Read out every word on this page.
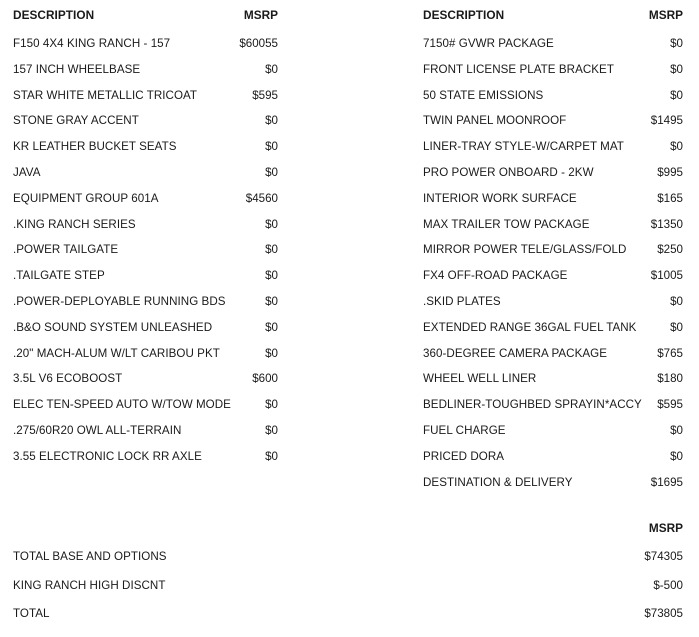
DESCRIPTION	MSRP
F150 4X4 KING RANCH - 157	$60055
157 INCH WHEELBASE	$0
STAR WHITE METALLIC TRICOAT	$595
STONE GRAY ACCENT	$0
KR LEATHER BUCKET SEATS	$0
JAVA	$0
EQUIPMENT GROUP 601A	$4560
.KING RANCH SERIES	$0
.POWER TAILGATE	$0
.TAILGATE STEP	$0
.POWER-DEPLOYABLE RUNNING BDS	$0
.B&O SOUND SYSTEM UNLEASHED	$0
.20" MACH-ALUM W/LT CARIBOU PKT	$0
3.5L V6 ECOBOOST	$600
ELEC TEN-SPEED AUTO W/TOW MODE	$0
.275/60R20 OWL ALL-TERRAIN	$0
3.55 ELECTRONIC LOCK RR AXLE	$0
DESCRIPTION	MSRP
7150# GVWR PACKAGE	$0
FRONT LICENSE PLATE BRACKET	$0
50 STATE EMISSIONS	$0
TWIN PANEL MOONROOF	$1495
LINER-TRAY STYLE-W/CARPET MAT	$0
PRO POWER ONBOARD - 2KW	$995
INTERIOR WORK SURFACE	$165
MAX TRAILER TOW PACKAGE	$1350
MIRROR POWER TELE/GLASS/FOLD	$250
FX4 OFF-ROAD PACKAGE	$1005
.SKID PLATES	$0
EXTENDED RANGE 36GAL FUEL TANK	$0
360-DEGREE CAMERA PACKAGE	$765
WHEEL WELL LINER	$180
BEDLINER-TOUGHBED SPRAYIN*ACCY $595
FUEL CHARGE	$0
PRICED DORA	$0
DESTINATION & DELIVERY	$1695
MSRP
TOTAL BASE AND OPTIONS	$74305
KING RANCH HIGH DISCNT	$-500
TOTAL	$73805
